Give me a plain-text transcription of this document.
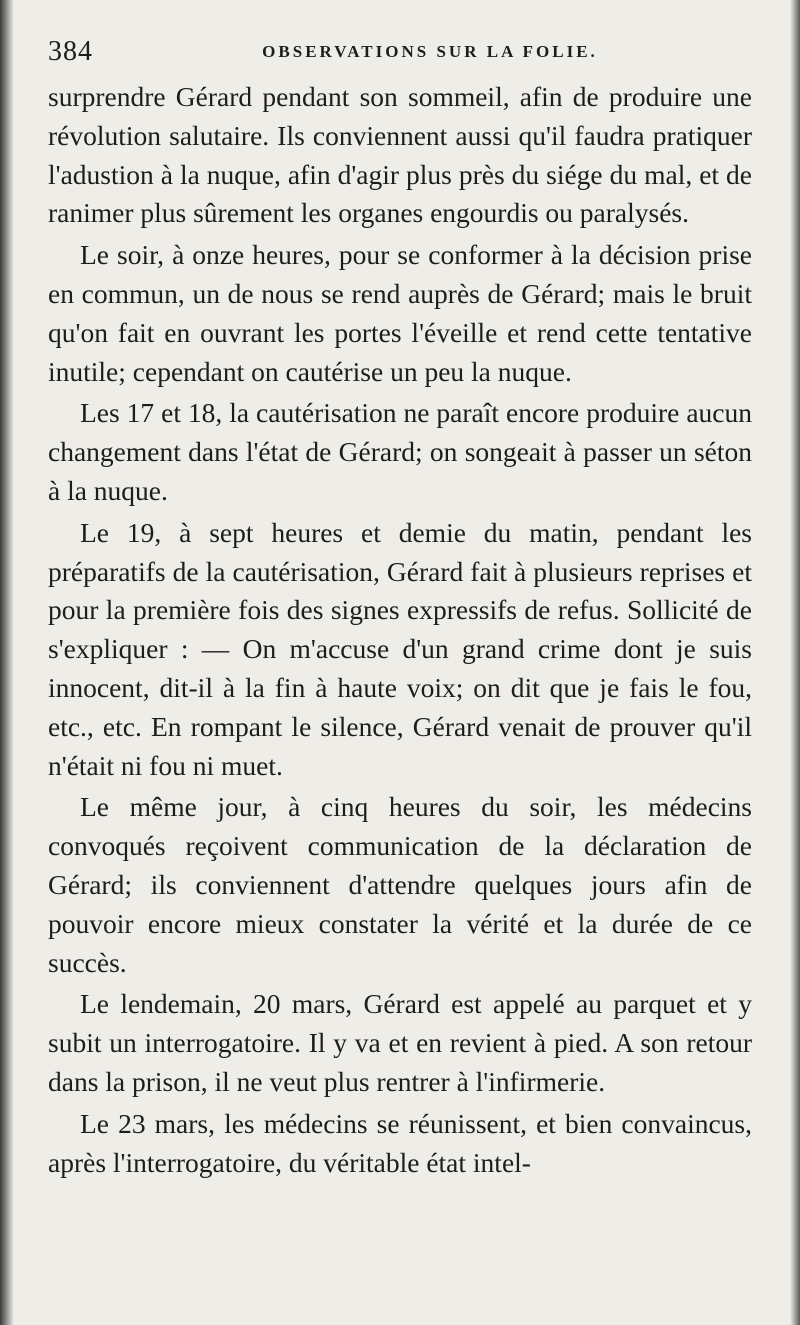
384	OBSERVATIONS SUR LA FOLIE.

surprendre Gérard pendant son sommeil, afin de produire une révolution salutaire. Ils conviennent aussi qu'il faudra pratiquer l'adustion à la nuque, afin d'agir plus près du siége du mal, et de ranimer plus sûrement les organes engourdis ou paralysés.

Le soir, à onze heures, pour se conformer à la décision prise en commun, un de nous se rend auprès de Gérard; mais le bruit qu'on fait en ouvrant les portes l'éveille et rend cette tentative inutile; cependant on cautérise un peu la nuque.

Les 17 et 18, la cautérisation ne paraît encore produire aucun changement dans l'état de Gérard; on songeait à passer un séton à la nuque.

Le 19, à sept heures et demie du matin, pendant les préparatifs de la cautérisation, Gérard fait à plusieurs reprises et pour la première fois des signes expressifs de refus. Sollicité de s'expliquer : — On m'accuse d'un grand crime dont je suis innocent, dit-il à la fin à haute voix; on dit que je fais le fou, etc., etc. En rompant le silence, Gérard venait de prouver qu'il n'était ni fou ni muet.

Le même jour, à cinq heures du soir, les médecins convoqués reçoivent communication de la déclaration de Gérard; ils conviennent d'attendre quelques jours afin de pouvoir encore mieux constater la vérité et la durée de ce succès.

Le lendemain, 20 mars, Gérard est appelé au parquet et y subit un interrogatoire. Il y va et en revient à pied. A son retour dans la prison, il ne veut plus rentrer à l'infirmerie.

Le 23 mars, les médecins se réunissent, et bien convaincus, après l'interrogatoire, du véritable état intel-
